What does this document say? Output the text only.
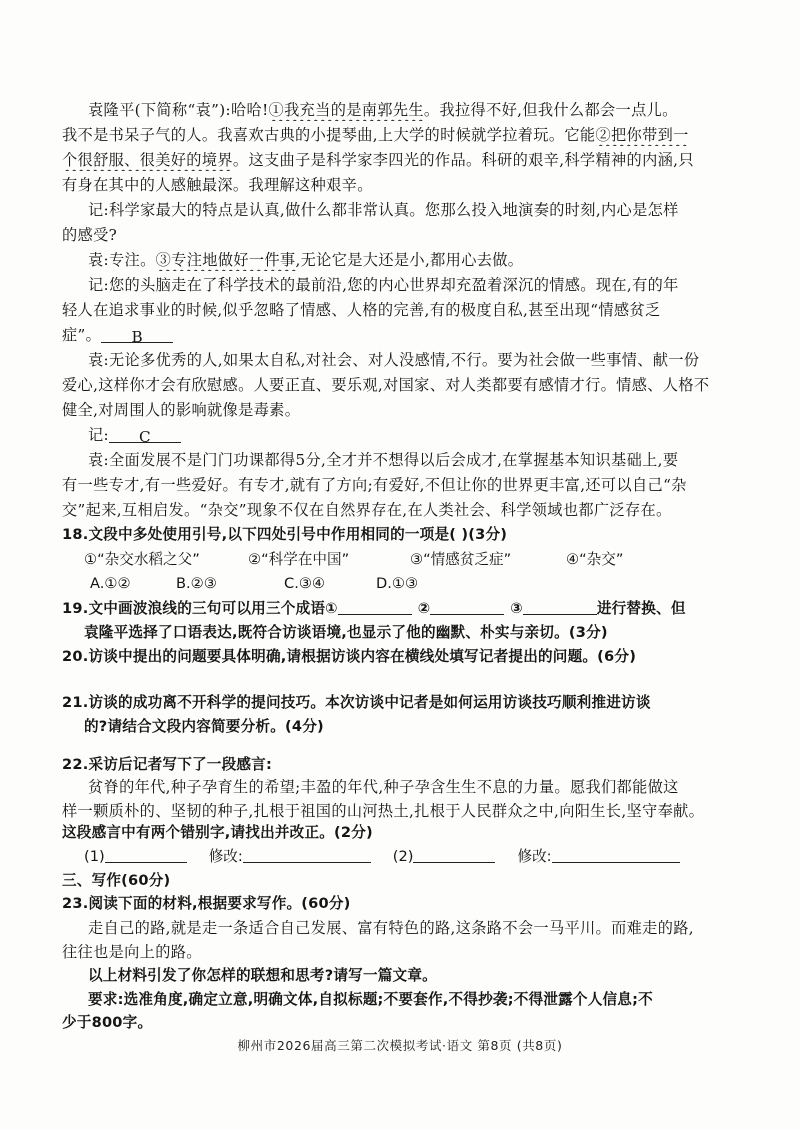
袁隆平(下简称“袁”):哈哈!①我充当的是南郭先生。我拉得不好,但我什么都会一点儿。
我不是书呆子气的人。我喜欢古典的小提琴曲,上大学的时候就学拉着玩。它能②把你带到一
个很舒服、很美好的境界。这支曲子是科学家李四光的作品。科研的艰辛,科学精神的内涵,只
有身在其中的人感触最深。我理解这种艰辛。
记:科学家最大的特点是认真,做什么都非常认真。您那么投入地演奏的时刻,内心是怎样
的感受?
袁:专注。③专注地做好一件事,无论它是大还是小,都用心去做。
记:您的头脑走在了科学技术的最前沿,您的内心世界却充盈着深沉的情感。现在,有的年
轻人在追求事业的时候,似乎忽略了情感、人格的完善,有的极度自私,甚至出现“情感贫乏
症”。 B
袁:无论多优秀的人,如果太自私,对社会、对人没感情,不行。要为社会做一些事情、献一份
爱心,这样你才会有欣慰感。人要正直、要乐观,对国家、对人类都要有感情才行。情感、人格不
健全,对周围人的影响就像是毒素。
记: C
袁:全面发展不是门门功课都得5分,全才并不想得以后会成才,在掌握基本知识基础上,要
有一些专才,有一些爱好。有专才,就有了方向;有爱好,不但让你的世界更丰富,还可以自己“杂
交”起来,互相启发。“杂交”现象不仅在自然界存在,在人类社会、科学领域也都广泛存在。
18.文段中多处使用引号,以下四处引号中作用相同的一项是( )(3分)
①“杂交水稻之父”	②“科学在中国”	③“情感贫乏症”	④“杂交”
A.①②	B.②③	C.③④	D.①③
19.文中画波浪线的三句可以用三个成语①	②	③	进行替换、但
袁隆平选择了口语表达,既符合访谈语境,也显示了他的幽默、朴实与亲切。(3分)
20.访谈中提出的问题要具体明确,请根据访谈内容在横线处填写记者提出的问题。(6分)
21.访谈的成功离不开科学的提问技巧。本次访谈中记者是如何运用访谈技巧顺利推进访谈
的?请结合文段内容简要分析。(4分)
22.采访后记者写下了一段感言:
贫脊的年代,种子孕育生的希望;丰盈的年代,种子孕含生生不息的力量。愿我们都能做这
样一颗质朴的、坚韧的种子,扎根于祖国的山河热土,扎根于人民群众之中,向阳生长,坚守奉献。
这段感言中有两个错别字,请找出并改正。(2分)
(1)	修改:	(2)	修改:
三、写作(60分)
23.阅读下面的材料,根据要求写作。(60分)
走自己的路,就是走一条适合自己发展、富有特色的路,这条路不会一马平川。而难走的路,
往往也是向上的路。
以上材料引发了你怎样的联想和思考?请写一篇文章。
要求:选准角度,确定立意,明确文体,自拟标题;不要套作,不得抄袭;不得泄露个人信息;不
少于800字。
柳州市2026届高三第二次模拟考试·语文 第8页 (共8页)
